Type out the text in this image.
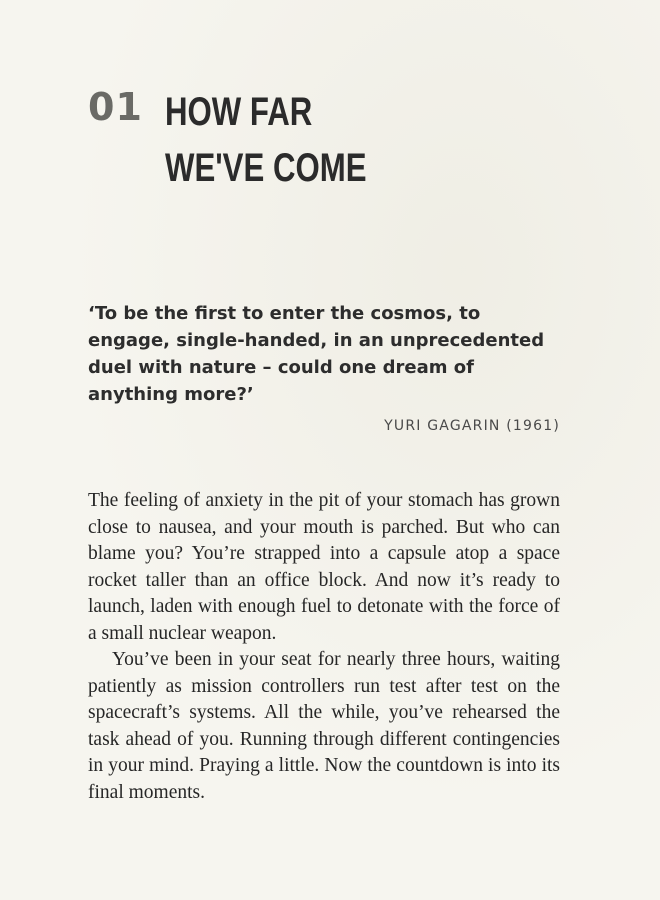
01 HOW FAR
WE'VE COME

‘To be the first to enter the cosmos, to engage, single-handed, in an unprecedented duel with nature – could one dream of anything more?’

YURI GAGARIN (1961)

The feeling of anxiety in the pit of your stomach has grown close to nausea, and your mouth is parched. But who can blame you? You’re strapped into a capsule atop a space rocket taller than an office block. And now it’s ready to launch, laden with enough fuel to detonate with the force of a small nuclear weapon.

You’ve been in your seat for nearly three hours, waiting patiently as mission controllers run test after test on the spacecraft’s systems. All the while, you’ve rehearsed the task ahead of you. Running through different contingencies in your mind. Praying a little. Now the countdown is into its final moments.
